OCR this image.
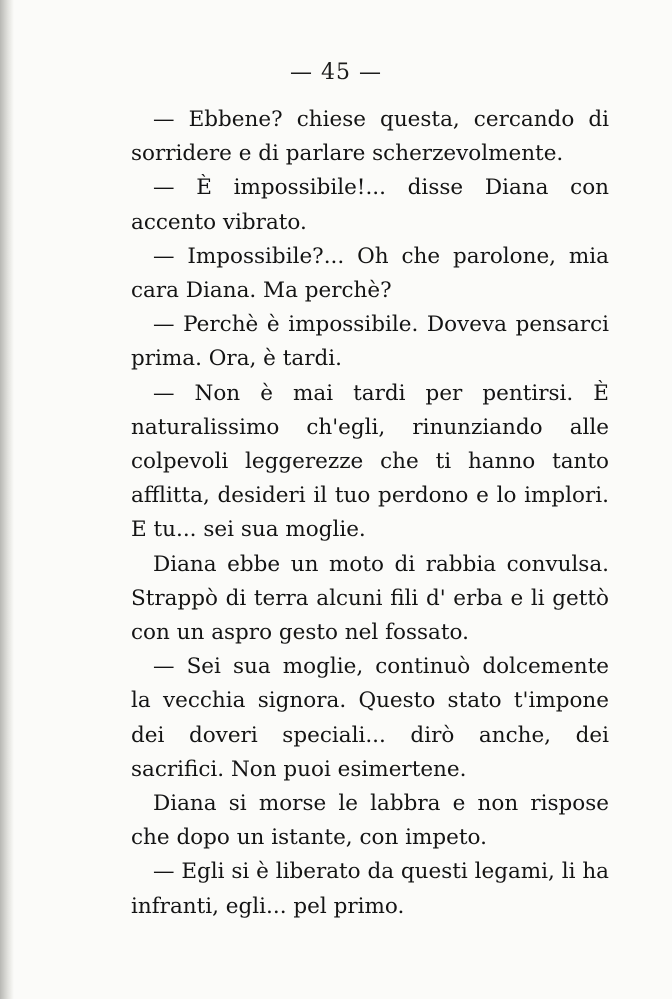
— 45 —

— Ebbene? chiese questa, cercando di sorridere e di parlare scherzevolmente.

— È impossibile!... disse Diana con accento vibrato.

— Impossibile?... Oh che parolone, mia cara Diana. Ma perchè?

— Perchè è impossibile. Doveva pensarci prima. Ora, è tardi.

— Non è mai tardi per pentirsi. È naturalissimo ch'egli, rinunziando alle colpevoli leggerezze che ti hanno tanto afflitta, desideri il tuo perdono e lo implori. E tu... sei sua moglie.

Diana ebbe un moto di rabbia convulsa. Strappò di terra alcuni fili d' erba e li gettò con un aspro gesto nel fossato.

— Sei sua moglie, continuò dolcemente la vecchia signora. Questo stato t'impone dei doveri speciali... dirò anche, dei sacrifici. Non puoi esimertene.

Diana si morse le labbra e non rispose che dopo un istante, con impeto.

— Egli si è liberato da questi legami, li ha infranti, egli... pel primo.
